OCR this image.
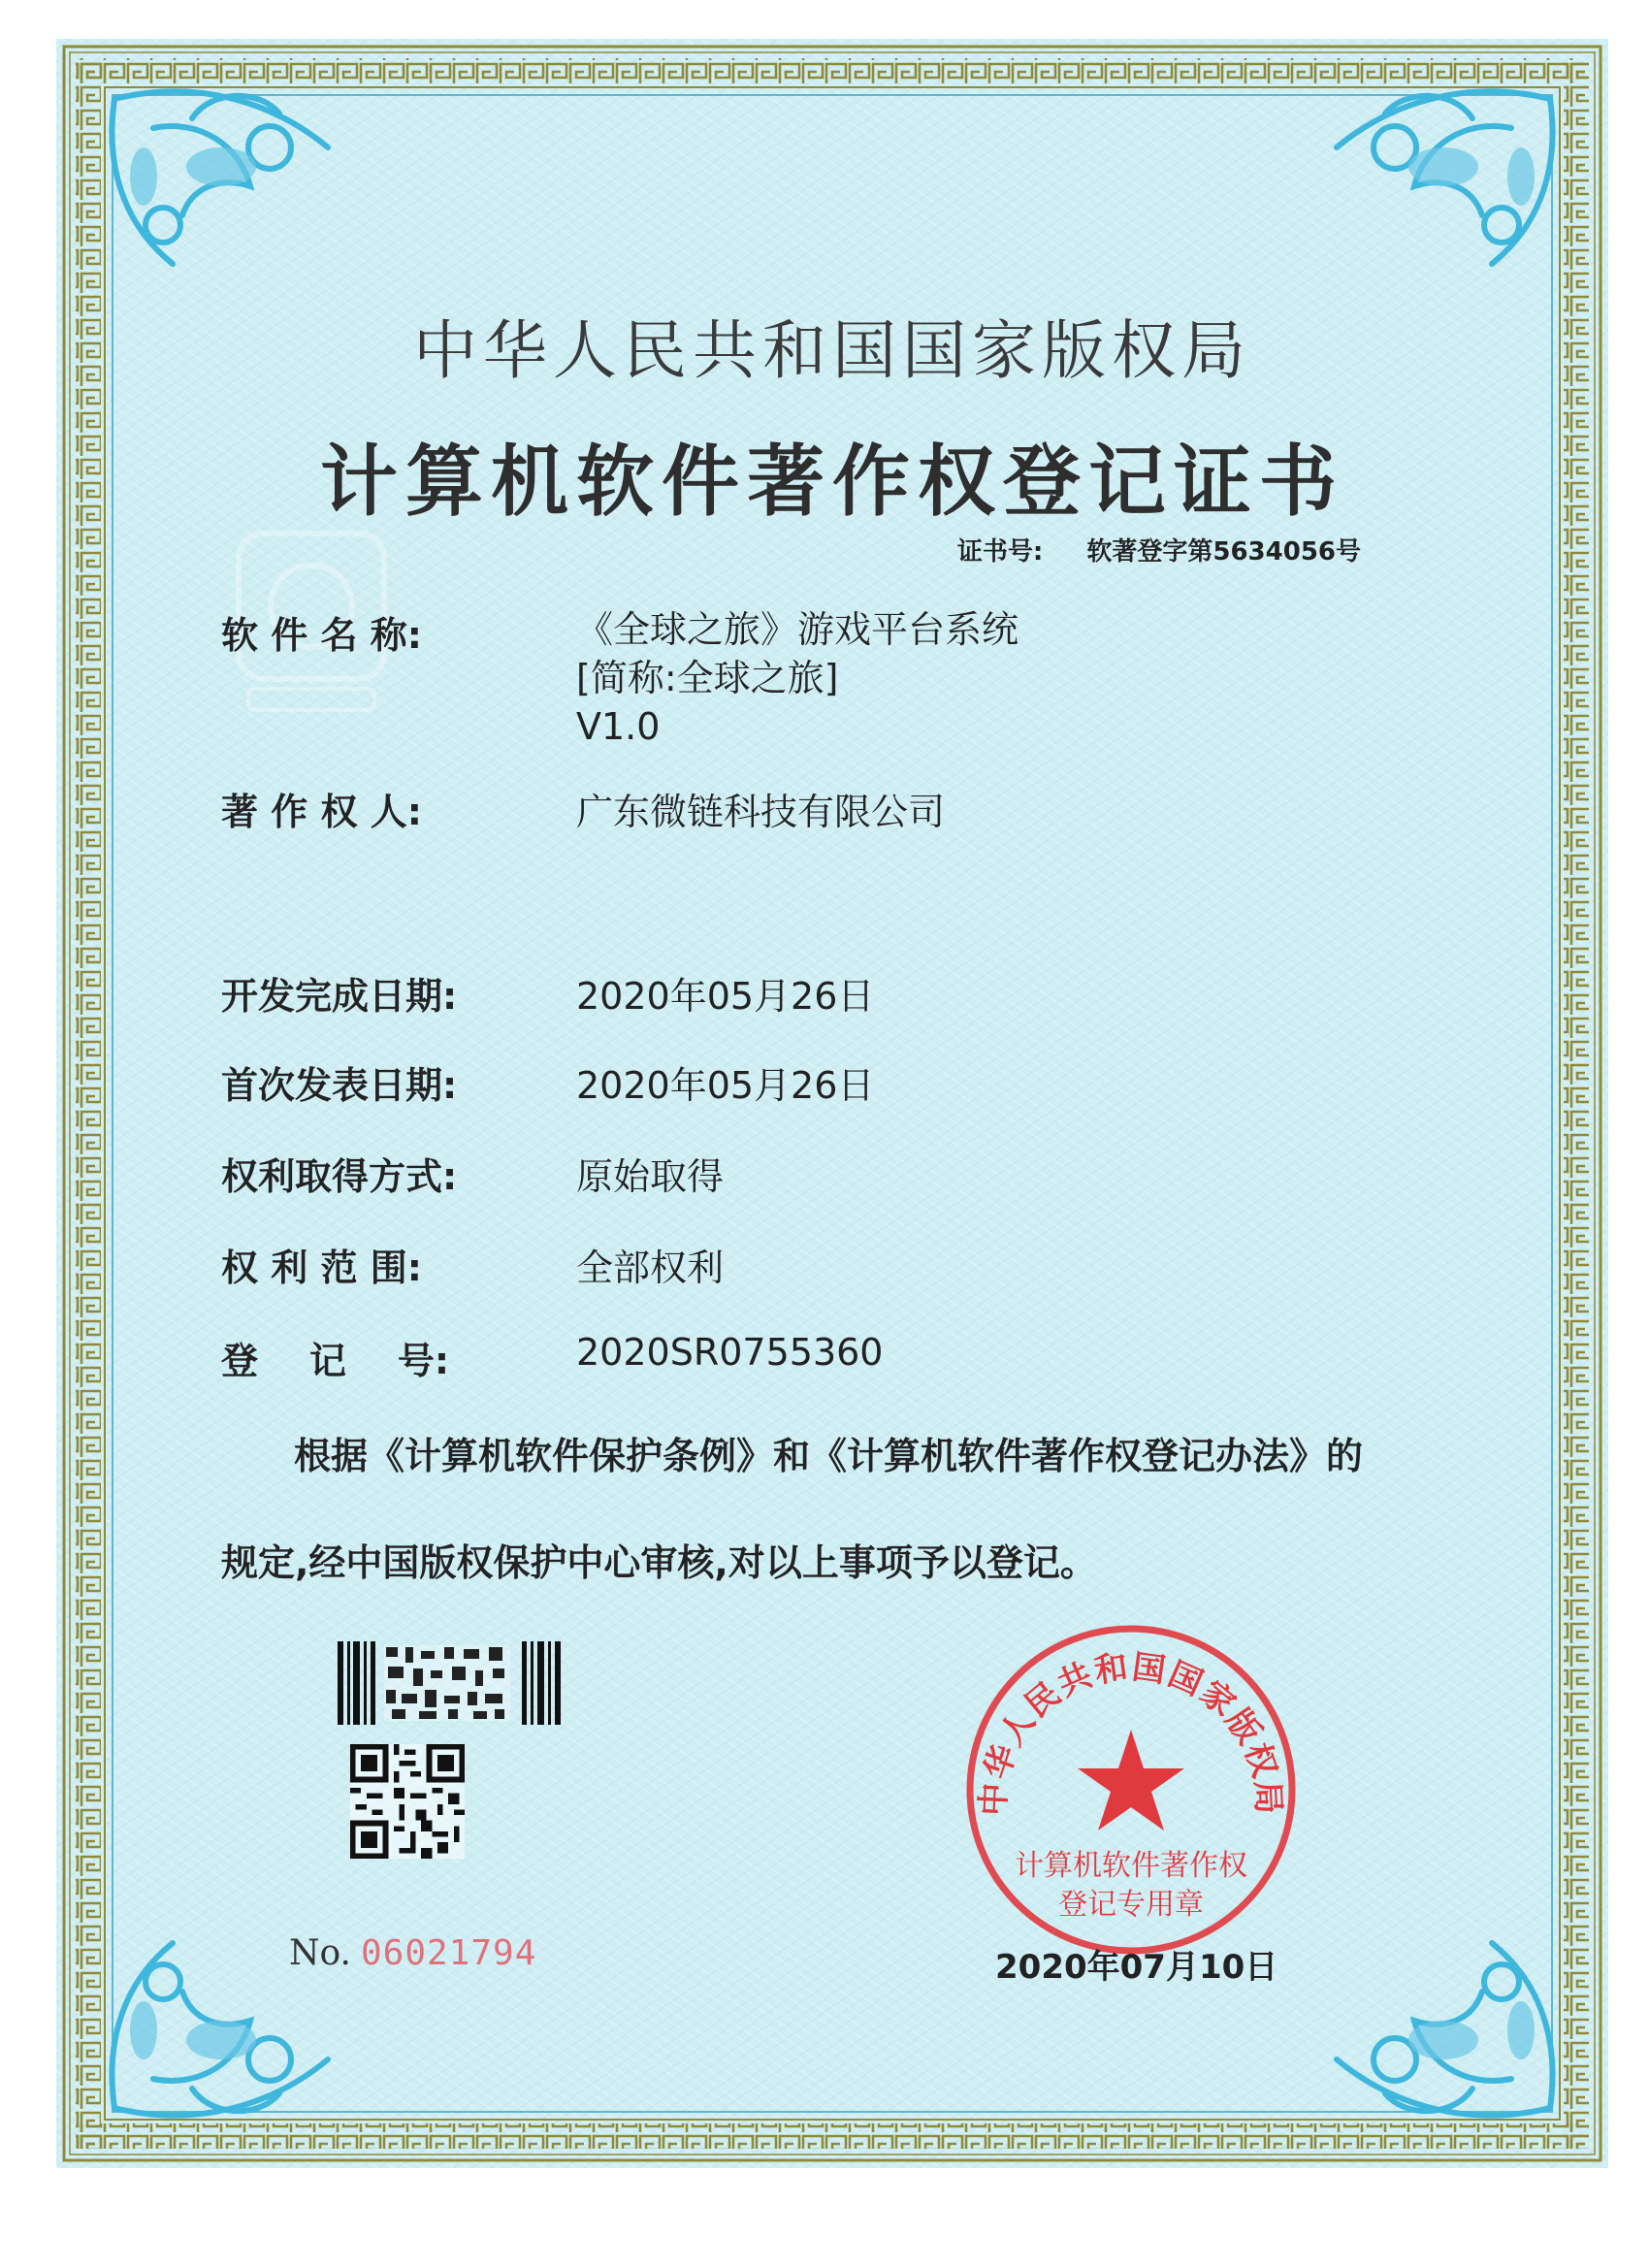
中华人民共和国国家版权局
计算机软件著作权登记证书
证书号: 软著登字第5634056号
软 件 名 称:	《全球之旅》游戏平台系统
[简称:全球之旅]
V1.0
著 作 权 人:	广东微链科技有限公司
开发完成日期:	2020年05月26日
首次发表日期:	2020年05月26日
权利取得方式:	原始取得
权 利 范 围:	全部权利
登    记    号:	2020SR0755360
根据《计算机软件保护条例》和《计算机软件著作权登记办法》的
规定,经中国版权保护中心审核,对以上事项予以登记。
No. 06021794
中华人民共和国国家版权局
计算机软件著作权
登记专用章
2020年07月10日
